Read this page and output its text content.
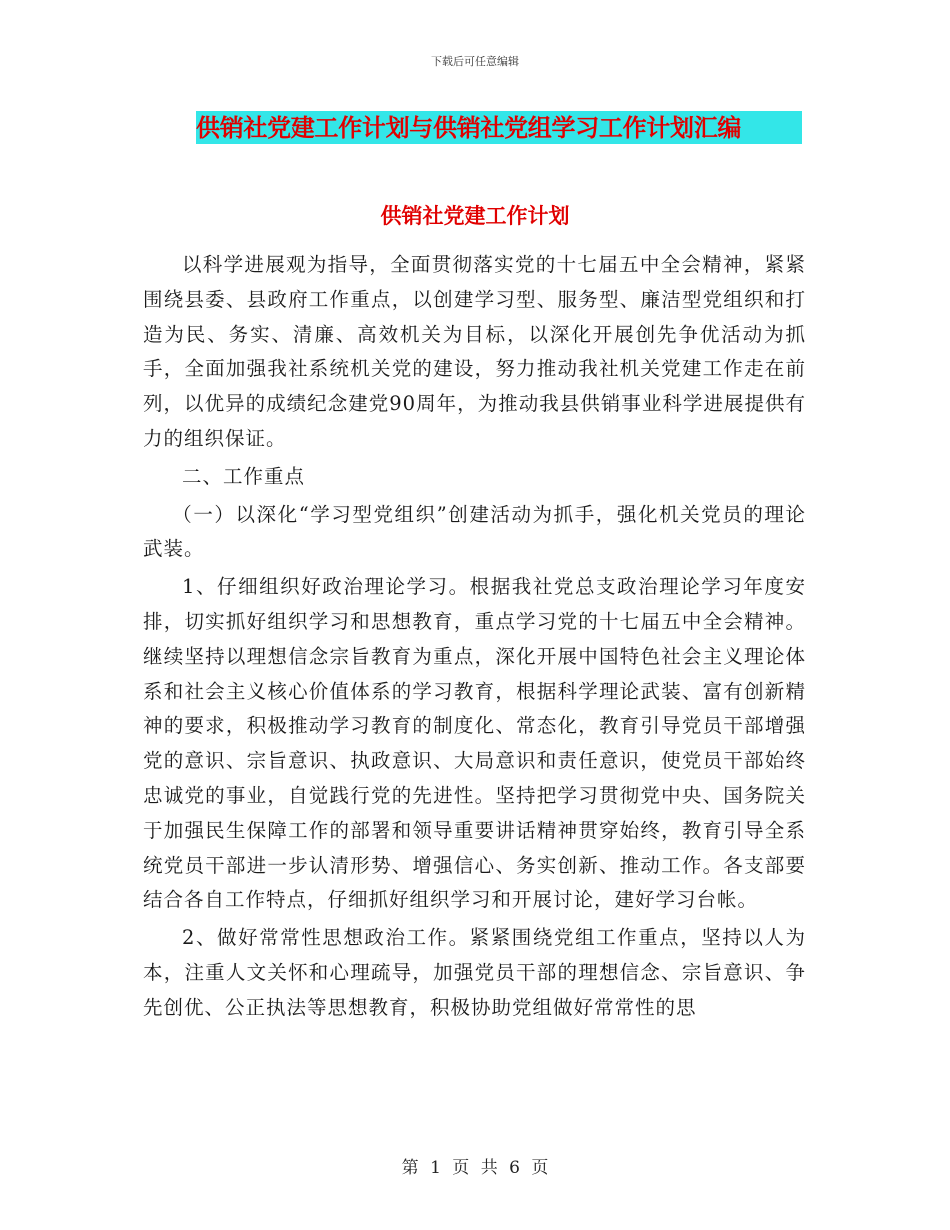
下载后可任意编辑
供销社党建工作计划与供销社党组学习工作计划汇编
供销社党建工作计划

以科学进展观为指导，全面贯彻落实党的十七届五中全会精神，紧紧围绕县委、县政府工作重点，以创建学习型、服务型、廉洁型党组织和打造为民、务实、清廉、高效机关为目标，以深化开展创先争优活动为抓手，全面加强我社系统机关党的建设，努力推动我社机关党建工作走在前列，以优异的成绩纪念建党90周年，为推动我县供销事业科学进展提供有力的组织保证。

二、工作重点

（一）以深化“学习型党组织”创建活动为抓手，强化机关党员的理论武装。

1、仔细组织好政治理论学习。根据我社党总支政治理论学习年度安排，切实抓好组织学习和思想教育，重点学习党的十七届五中全会精神。继续坚持以理想信念宗旨教育为重点，深化开展中国特色社会主义理论体系和社会主义核心价值体系的学习教育，根据科学理论武装、富有创新精神的要求，积极推动学习教育的制度化、常态化，教育引导党员干部增强党的意识、宗旨意识、执政意识、大局意识和责任意识，使党员干部始终忠诚党的事业，自觉践行党的先进性。坚持把学习贯彻党中央、国务院关于加强民生保障工作的部署和领导重要讲话精神贯穿始终，教育引导全系统党员干部进一步认清形势、增强信心、务实创新、推动工作。各支部要结合各自工作特点，仔细抓好组织学习和开展讨论，建好学习台帐。

2、做好常常性思想政治工作。紧紧围绕党组工作重点，坚持以人为本，注重人文关怀和心理疏导，加强党员干部的理想信念、宗旨意识、争先创优、公正执法等思想教育，积极协助党组做好常常性的思

第 1 页 共 6 页
